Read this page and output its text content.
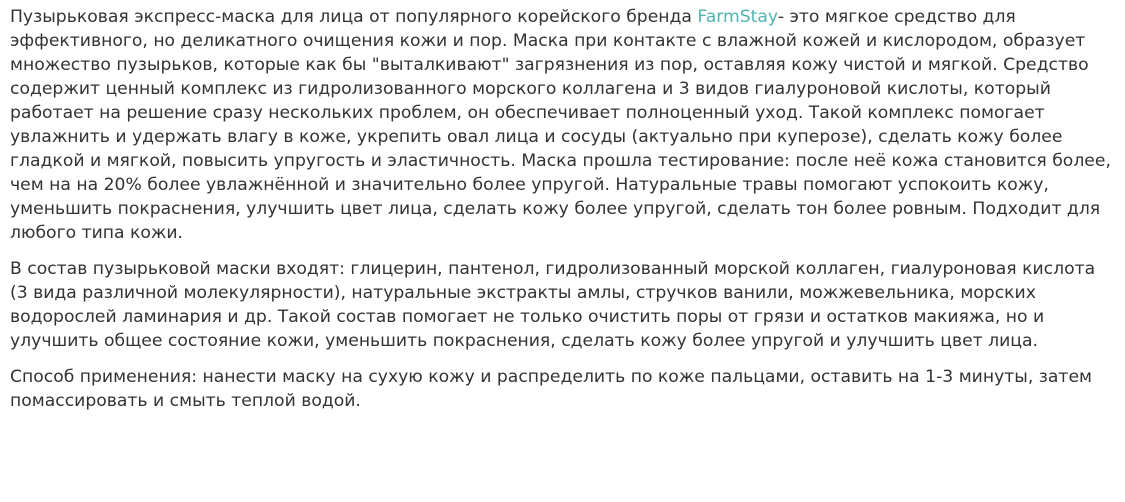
Пузырьковая экспресс-маска для лица от популярного корейского бренда FarmStay- это мягкое средство для эффективного, но деликатного очищения кожи и пор. Маска при контакте с влажной кожей и кислородом, образует множество пузырьков, которые как бы "выталкивают" загрязнения из пор, оставляя кожу чистой и мягкой. Средство содержит ценный комплекс из гидролизованного морского коллагена и 3 видов гиалуроновой кислоты, который работает на решение сразу нескольких проблем, он обеспечивает полноценный уход. Такой комплекс помогает увлажнить и удержать влагу в коже, укрепить овал лица и сосуды (актуально при куперозе), сделать кожу более гладкой и мягкой, повысить упругость и эластичность. Маска прошла тестирование: после неё кожа становится более, чем на на 20% более увлажнённой и значительно более упругой. Натуральные травы помогают успокоить кожу, уменьшить покраснения, улучшить цвет лица, сделать кожу более упругой, сделать тон более ровным. Подходит для любого типа кожи.

В состав пузырьковой маски входят: глицерин, пантенол, гидролизованный морской коллаген, гиалуроновая кислота (3 вида различной молекулярности), натуральные экстракты амлы, стручков ванили, можжевельника, морских водорослей ламинария и др. Такой состав помогает не только очистить поры от грязи и остатков макияжа, но и улучшить общее состояние кожи, уменьшить покраснения, сделать кожу более упругой и улучшить цвет лица.

Способ применения: нанести маску на сухую кожу и распределить по коже пальцами, оставить на 1-3 минуты, затем помассировать и смыть теплой водой.
